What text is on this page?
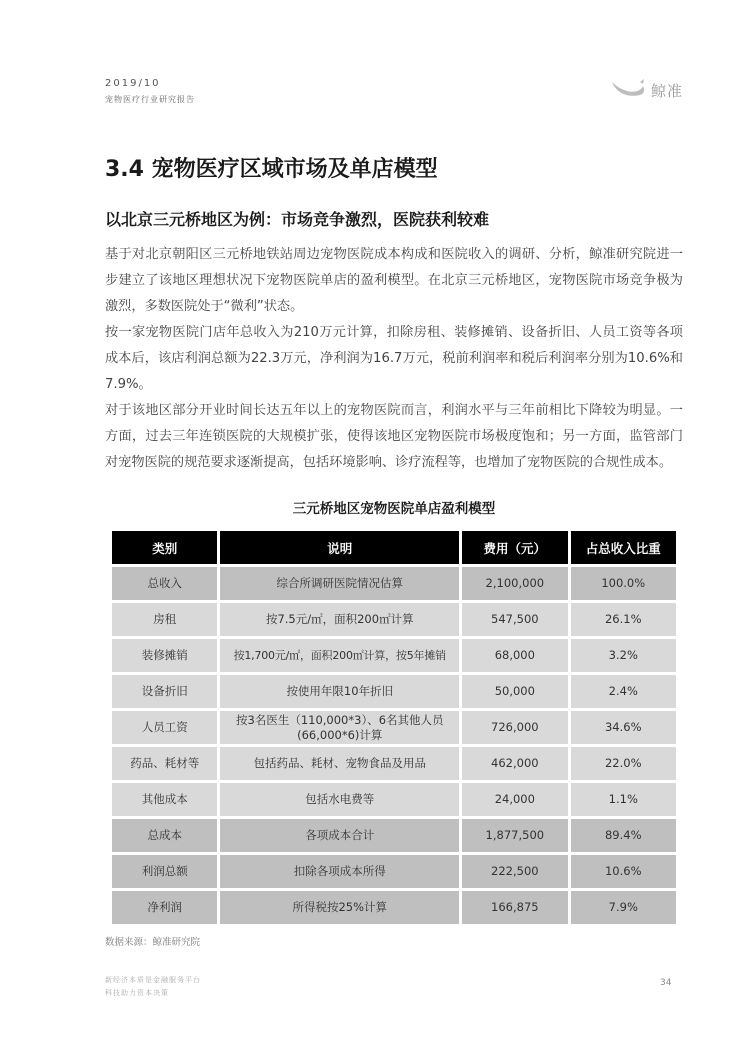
2019/10
宠物医疗行业研究报告	鲸准
3.4 宠物医疗区域市场及单店模型
以北京三元桥地区为例：市场竞争激烈，医院获利较难

基于对北京朝阳区三元桥地铁站周边宠物医院成本构成和医院收入的调研、分析，鲸准研究院进一步建立了该地区理想状况下宠物医院单店的盈利模型。在北京三元桥地区，宠物医院市场竞争极为激烈，多数医院处于“微利”状态。

按一家宠物医院门店年总收入为210万元计算，扣除房租、装修摊销、设备折旧、人员工资等各项成本后，该店利润总额为22.3万元，净利润为16.7万元，税前利润率和税后利润率分别为10.6%和7.9%。

对于该地区部分开业时间长达五年以上的宠物医院而言，利润水平与三年前相比下降较为明显。一方面，过去三年连锁医院的大规模扩张，使得该地区宠物医院市场极度饱和；另一方面，监管部门对宠物医院的规范要求逐渐提高，包括环境影响、诊疗流程等，也增加了宠物医院的合规性成本。

三元桥地区宠物医院单店盈利模型
类别	说明	费用（元）	占总收入比重
总收入	综合所调研医院情况估算	2,100,000	100.0%
房租	按7.5元/㎡，面积200㎡计算	547,500	26.1%
装修摊销	按1,700元/㎡，面积200㎡计算，按5年摊销	68,000	3.2%
设备折旧	按使用年限10年折旧	50,000	2.4%
人员工资	按3名医生（110,000*3）、6名其他人员
(66,000*6)计算	726,000	34.6%
药品、耗材等	包括药品、耗材、宠物食品及用品	462,000	22.0%
其他成本	包括水电费等	24,000	1.1%
总成本	各项成本合计	1,877,500	89.4%
利润总额	扣除各项成本所得	222,500	10.6%
净利润	所得税按25%计算	166,875	7.9%
数据来源：鲸准研究院
新经济本质是金融服务平台
科技助力资本决策
34
